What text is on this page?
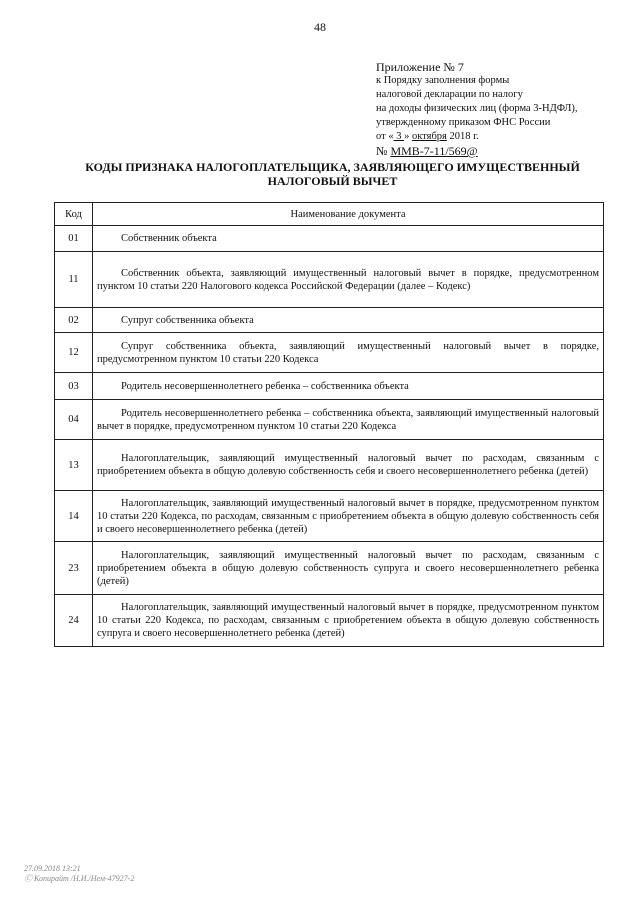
48
Приложение № 7
к Порядку заполнения формы
налоговой декларации по налогу
на доходы физических лиц (форма 3-НДФЛ),
утвержденному приказом ФНС России
от « 3 » октября 2018 г.
№ ММВ-7-11/569@
КОДЫ ПРИЗНАКА НАЛОГОПЛАТЕЛЬЩИКА, ЗАЯВЛЯЮЩЕГО ИМУЩЕСТВЕННЫЙ
НАЛОГОВЫЙ ВЫЧЕТ
Код	Наименование документа
01	Собственник объекта
11	Собственник объекта, заявляющий имущественный налоговый вычет в порядке, предусмотренном пунктом 10 статьи 220 Налогового кодекса Российской Федерации (далее – Кодекс)
02	Супруг собственника объекта
12	Супруг собственника объекта, заявляющий имущественный налоговый вычет в порядке, предусмотренном пунктом 10 статьи 220 Кодекса
03	Родитель несовершеннолетнего ребенка – собственника объекта
04	Родитель несовершеннолетнего ребенка – собственника объекта, заявляющий имущественный налоговый вычет в порядке, предусмотренном пунктом 10 статьи 220 Кодекса
13	Налогоплательщик, заявляющий имущественный налоговый вычет по расходам, связанным с приобретением объекта в общую долевую собственность себя и своего несовершеннолетнего ребенка (детей)
14	Налогоплательщик, заявляющий имущественный налоговый вычет в порядке, предусмотренном пунктом 10 статьи 220 Кодекса, по расходам, связанным с приобретением объекта в общую долевую собственность себя и своего несовершеннолетнего ребенка (детей)
23	Налогоплательщик, заявляющий имущественный налоговый вычет по расходам, связанным с приобретением объекта в общую долевую собственность супруга и своего несовершеннолетнего ребенка (детей)
24	Налогоплательщик, заявляющий имущественный налоговый вычет в порядке, предусмотренном пунктом 10 статьи 220 Кодекса, по расходам, связанным с приобретением объекта в общую долевую собственность супруга и своего несовершеннолетнего ребенка (детей)
27.09.2018 13:21
Ⓒ Копирайт /Н.И./Нем-47927-2
